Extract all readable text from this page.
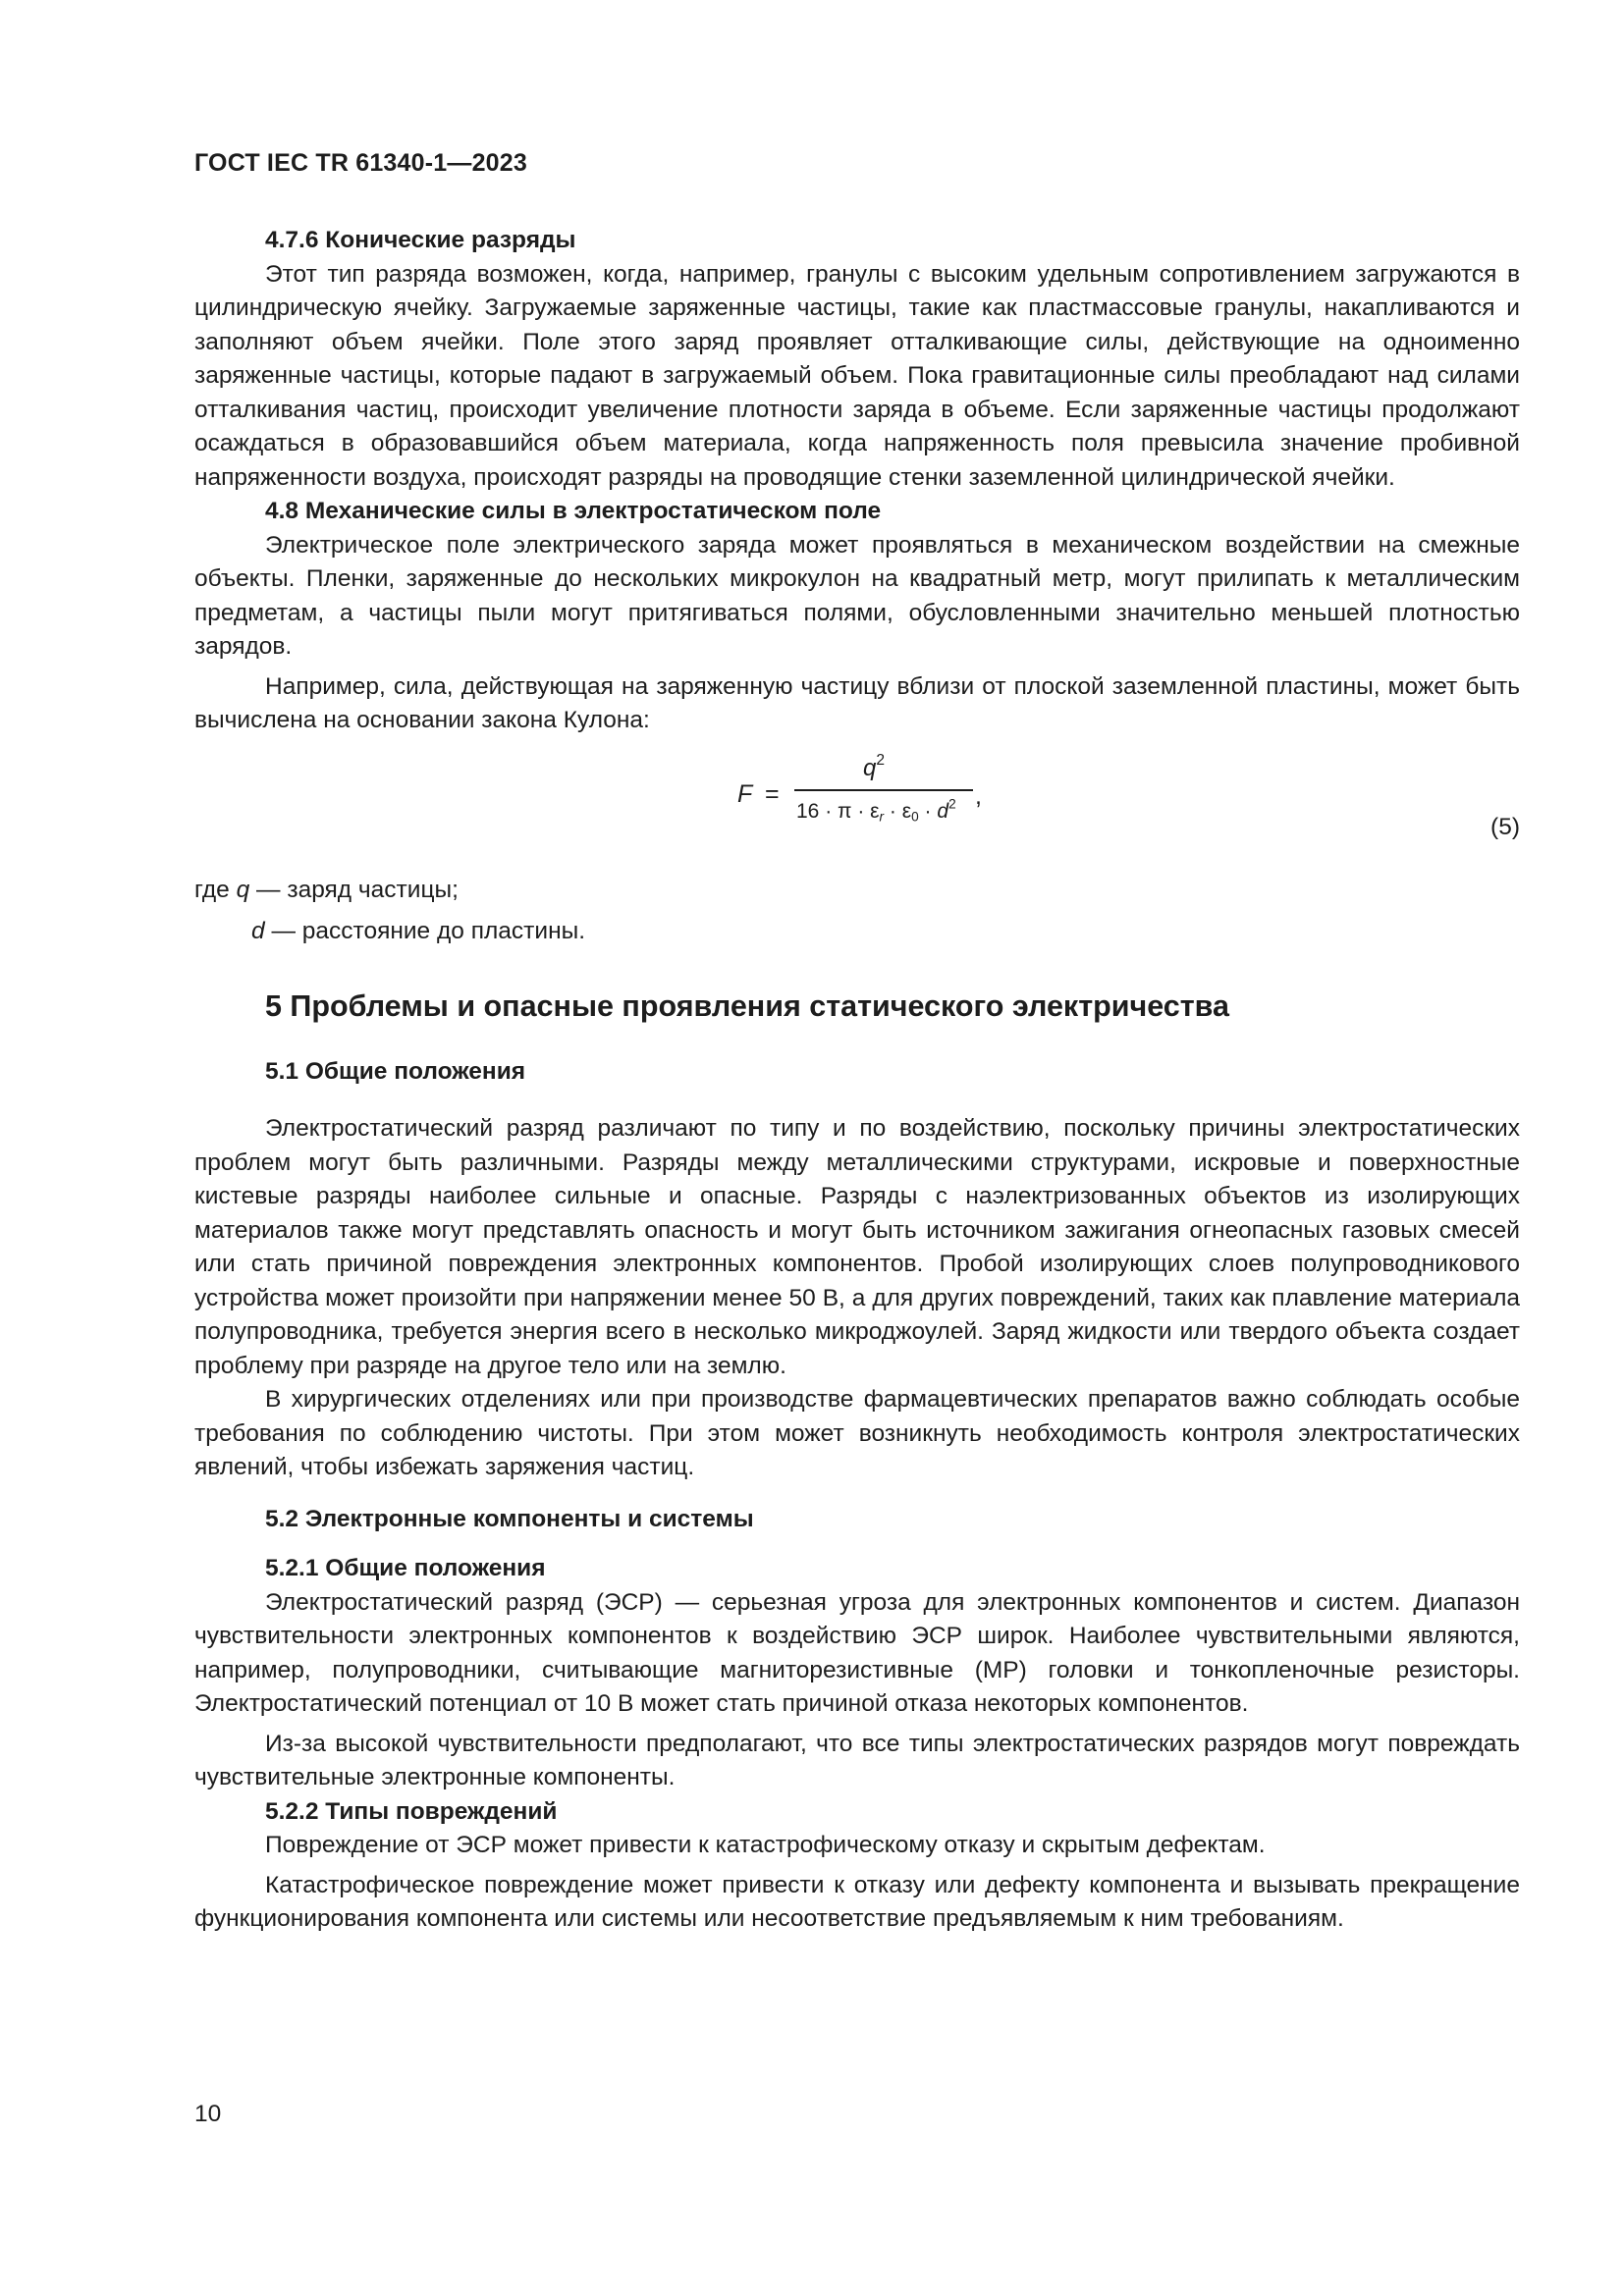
ГОСТ IEC TR 61340-1—2023

4.7.6 Конические разряды

Этот тип разряда возможен, когда, например, гранулы с высоким удельным сопротивлением загружаются в цилиндрическую ячейку. Загружаемые заряженные частицы, такие как пластмассовые гранулы, накапливаются и заполняют объем ячейки. Поле этого заряд проявляет отталкивающие силы, действующие на одноименно заряженные частицы, которые падают в загружаемый объем. Пока гравитационные силы преобладают над силами отталкивания частиц, происходит увеличение плотности заряда в объеме. Если заряженные частицы продолжают осаждаться в образовавшийся объем материала, когда напряженность поля превысила значение пробивной напряженности воздуха, происходят разряды на проводящие стенки заземленной цилиндрической ячейки.

4.8 Механические силы в электростатическом поле

Электрическое поле электрического заряда может проявляться в механическом воздействии на смежные объекты. Пленки, заряженные до нескольких микрокулон на квадратный метр, могут прилипать к металлическим предметам, а частицы пыли могут притягиваться полями, обусловленными значительно меньшей плотностью зарядов.

Например, сила, действующая на заряженную частицу вблизи от плоской заземленной пластины, может быть вычислена на основании закона Кулона:

F =
$q^2$
$16 \cdot \pi \cdot \varepsilon_r \cdot \varepsilon_0 \cdot d^2$ ,
(5)
где q — заряд частицы;
d — расстояние до пластины.

5 Проблемы и опасные проявления статического электричества

5.1 Общие положения

Электростатический разряд различают по типу и по воздействию, поскольку причины электростатических проблем могут быть различными. Разряды между металлическими структурами, искровые и поверхностные кистевые разряды наиболее сильные и опасные. Разряды с наэлектризованных объектов из изолирующих материалов также могут представлять опасность и могут быть источником зажигания огнеопасных газовых смесей или стать причиной повреждения электронных компонентов. Пробой изолирующих слоев полупроводникового устройства может произойти при напряжении менее 50 В, а для других повреждений, таких как плавление материала полупроводника, требуется энергия всего в несколько микроджоулей. Заряд жидкости или твердого объекта создает проблему при разряде на другое тело или на землю.

В хирургических отделениях или при производстве фармацевтических препаратов важно соблюдать особые требования по соблюдению чистоты. При этом может возникнуть необходимость контроля электростатических явлений, чтобы избежать заряжения частиц.

5.2 Электронные компоненты и системы

5.2.1 Общие положения

Электростатический разряд (ЭСР) — серьезная угроза для электронных компонентов и систем. Диапазон чувствительности электронных компонентов к воздействию ЭСР широк. Наиболее чувствительными являются, например, полупроводники, считывающие магниторезистивные (МР) головки и тонкопленочные резисторы. Электростатический потенциал от 10 В может стать причиной отказа некоторых компонентов.

Из-за высокой чувствительности предполагают, что все типы электростатических разрядов могут повреждать чувствительные электронные компоненты.

5.2.2 Типы повреждений

Повреждение от ЭСР может привести к катастрофическому отказу и скрытым дефектам.

Катастрофическое повреждение может привести к отказу или дефекту компонента и вызывать прекращение функционирования компонента или системы или несоответствие предъявляемым к ним требованиям.

10
